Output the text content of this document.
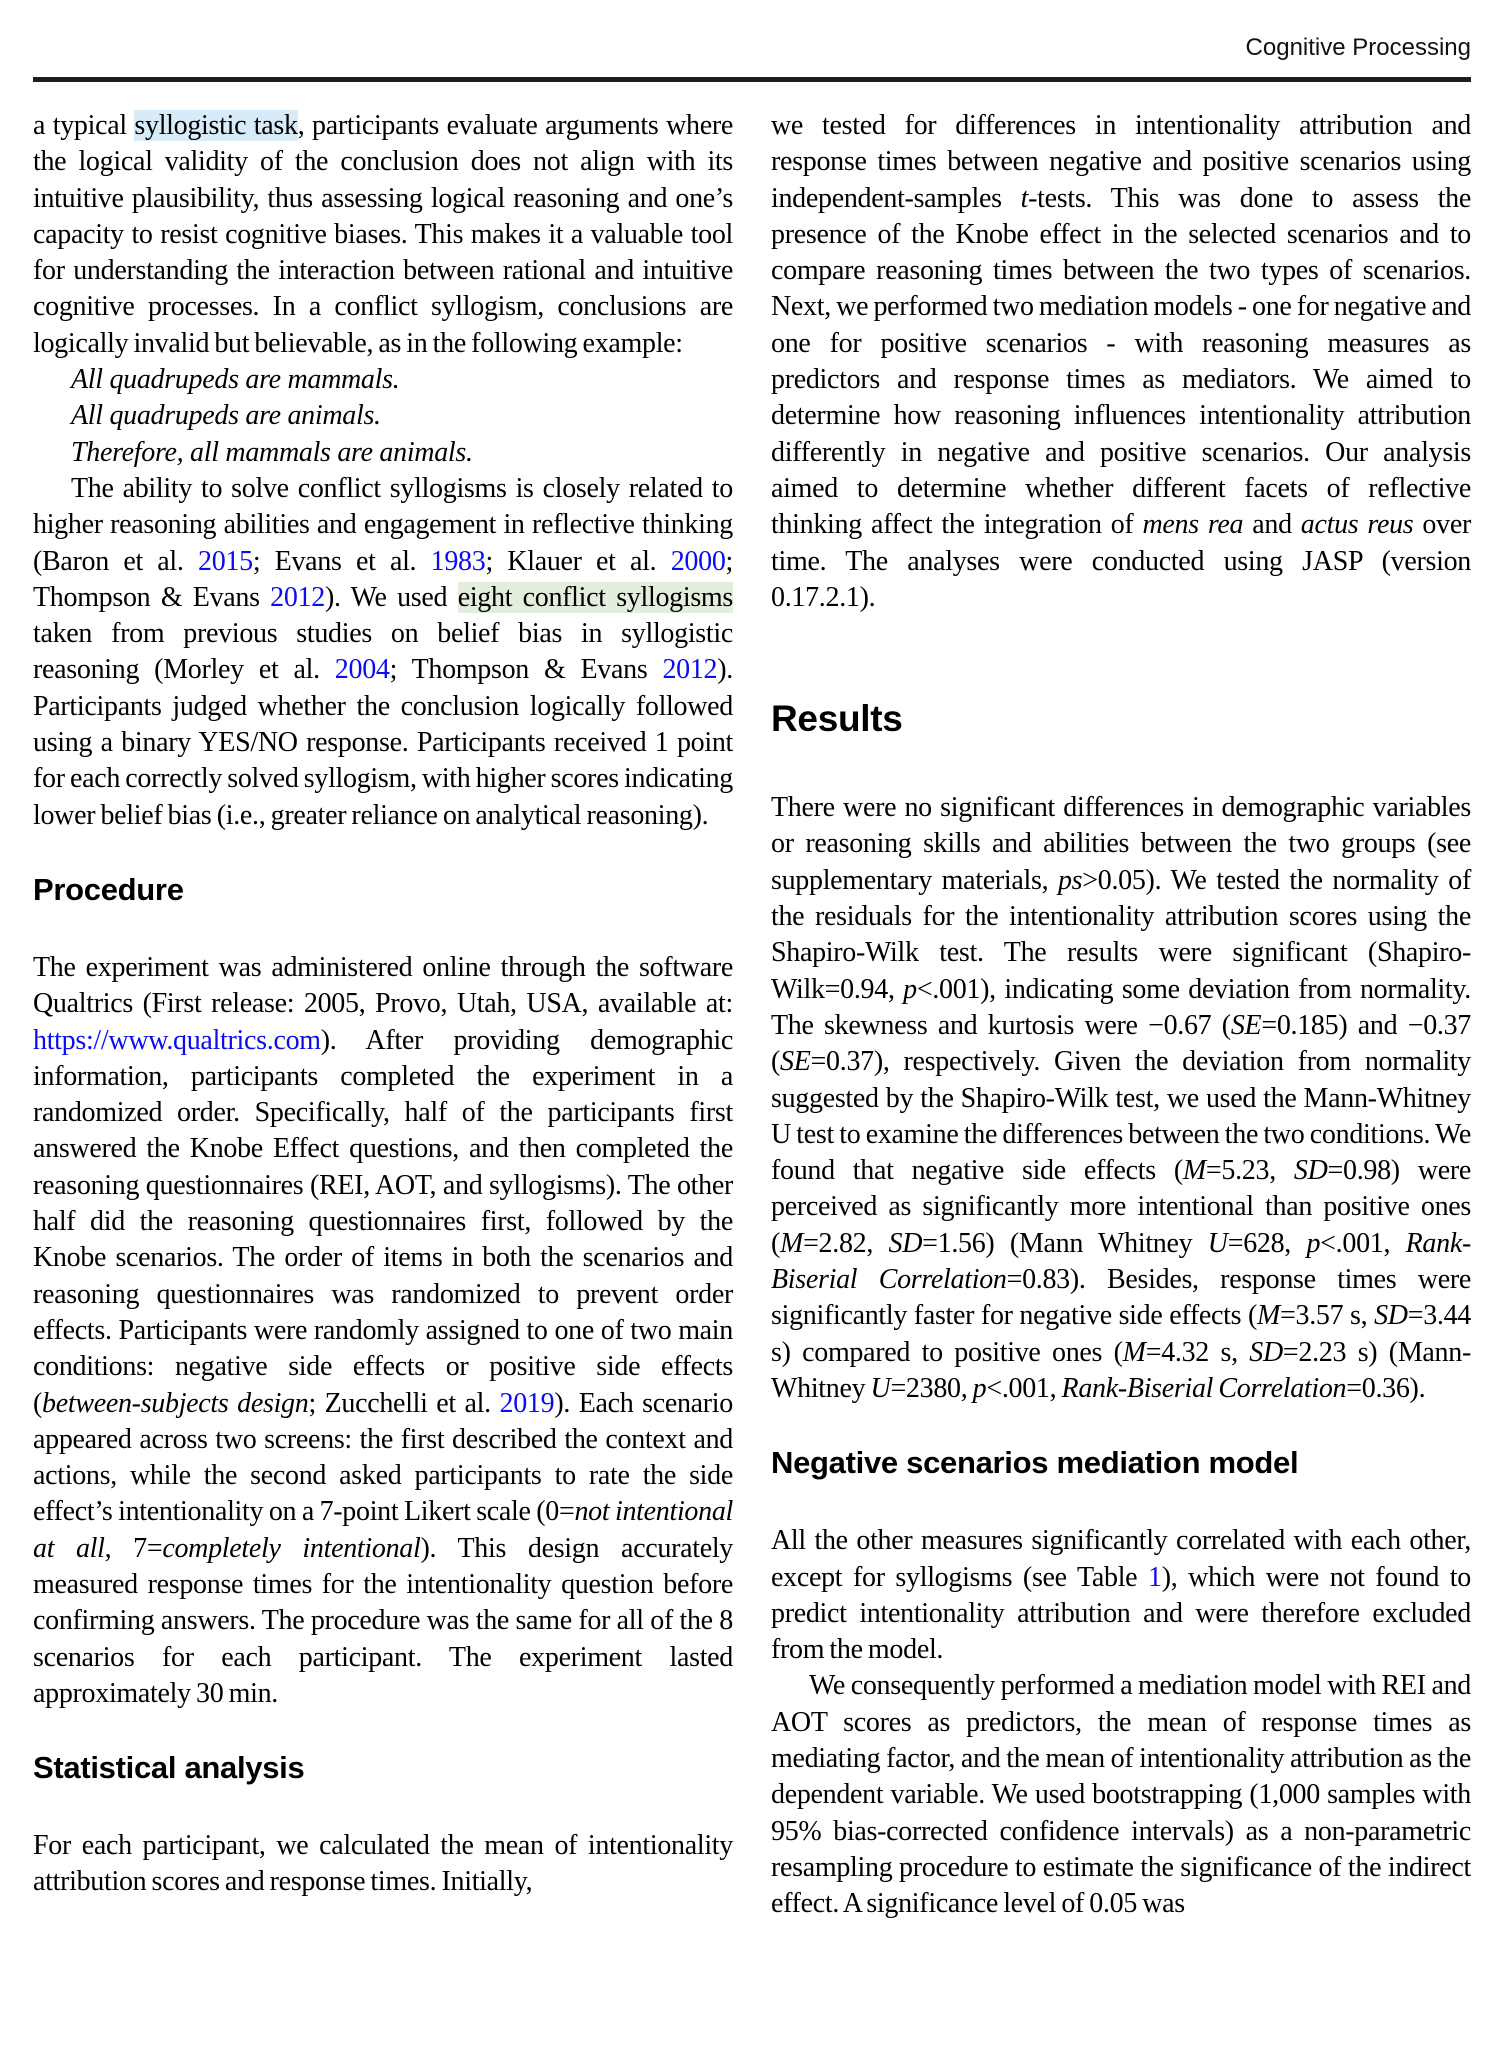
Cognitive Processing

a typical syllogistic task, participants evaluate arguments where the logical validity of the conclusion does not align with its intuitive plausibility, thus assessing logical reasoning and one’s capacity to resist cognitive biases. This makes it a valuable tool for understanding the interaction between rational and intuitive cognitive processes. In a conflict syllogism, conclusions are logically invalid but believable, as in the following example:

All quadrupeds are mammals.
All quadrupeds are animals.
Therefore, all mammals are animals.

The ability to solve conflict syllogisms is closely related to higher reasoning abilities and engagement in reflective thinking (Baron et al. 2015; Evans et al. 1983; Klauer et al. 2000; Thompson & Evans 2012). We used eight conflict syllogisms taken from previous studies on belief bias in syllogistic reasoning (Morley et al. 2004; Thompson & Evans 2012). Participants judged whether the conclusion logically followed using a binary YES/NO response. Participants received 1 point for each correctly solved syllogism, with higher scores indicating lower belief bias (i.e., greater reliance on analytical reasoning).

Procedure

The experiment was administered online through the software Qualtrics (First release: 2005, Provo, Utah, USA, available at: https://www.qualtrics.com). After providing demographic information, participants completed the experiment in a randomized order. Specifically, half of the participants first answered the Knobe Effect questions, and then completed the reasoning questionnaires (REI, AOT, and syllogisms). The other half did the reasoning questionnaires first, followed by the Knobe scenarios. The order of items in both the scenarios and reasoning questionnaires was randomized to prevent order effects. Participants were randomly assigned to one of two main conditions: negative side effects or positive side effects (between-subjects design; Zucchelli et al. 2019). Each scenario appeared across two screens: the first described the context and actions, while the second asked participants to rate the side effect’s intentionality on a 7-point Likert scale (0=not intentional at all, 7=completely intentional). This design accurately measured response times for the intentionality question before confirming answers. The procedure was the same for all of the 8 scenarios for each participant. The experiment lasted approximately 30 min.

Statistical analysis

For each participant, we calculated the mean of intentionality attribution scores and response times. Initially,

we tested for differences in intentionality attribution and response times between negative and positive scenarios using independent-samples t-tests. This was done to assess the presence of the Knobe effect in the selected scenarios and to compare reasoning times between the two types of scenarios. Next, we performed two mediation models - one for negative and one for positive scenarios - with reasoning measures as predictors and response times as mediators. We aimed to determine how reasoning influences intentionality attribution differently in negative and positive scenarios. Our analysis aimed to determine whether different facets of reflective thinking affect the integration of mens rea and actus reus over time. The analyses were conducted using JASP (version 0.17.2.1).

Results

There were no significant differences in demographic variables or reasoning skills and abilities between the two groups (see supplementary materials, ps>0.05). We tested the normality of the residuals for the intentionality attribution scores using the Shapiro-Wilk test. The results were significant (Shapiro-Wilk=0.94, p<.001), indicating some deviation from normality. The skewness and kurtosis were −0.67 (SE=0.185) and −0.37 (SE=0.37), respectively. Given the deviation from normality suggested by the Shapiro-Wilk test, we used the Mann-Whitney U test to examine the differences between the two conditions. We found that negative side effects (M=5.23, SD=0.98) were perceived as significantly more intentional than positive ones (M=2.82, SD=1.56) (Mann Whitney U=628, p<.001, Rank-Biserial Correlation=0.83). Besides, response times were significantly faster for negative side effects (M=3.57 s, SD=3.44 s) compared to positive ones (M=4.32 s, SD=2.23 s) (Mann-Whitney U=2380, p<.001, Rank-Biserial Correlation=0.36).

Negative scenarios mediation model

All the other measures significantly correlated with each other, except for syllogisms (see Table 1), which were not found to predict intentionality attribution and were therefore excluded from the model.

We consequently performed a mediation model with REI and AOT scores as predictors, the mean of response times as mediating factor, and the mean of intentionality attribution as the dependent variable. We used bootstrapping (1,000 samples with 95% bias-corrected confidence intervals) as a non-parametric resampling procedure to estimate the significance of the indirect effect. A significance level of 0.05 was
